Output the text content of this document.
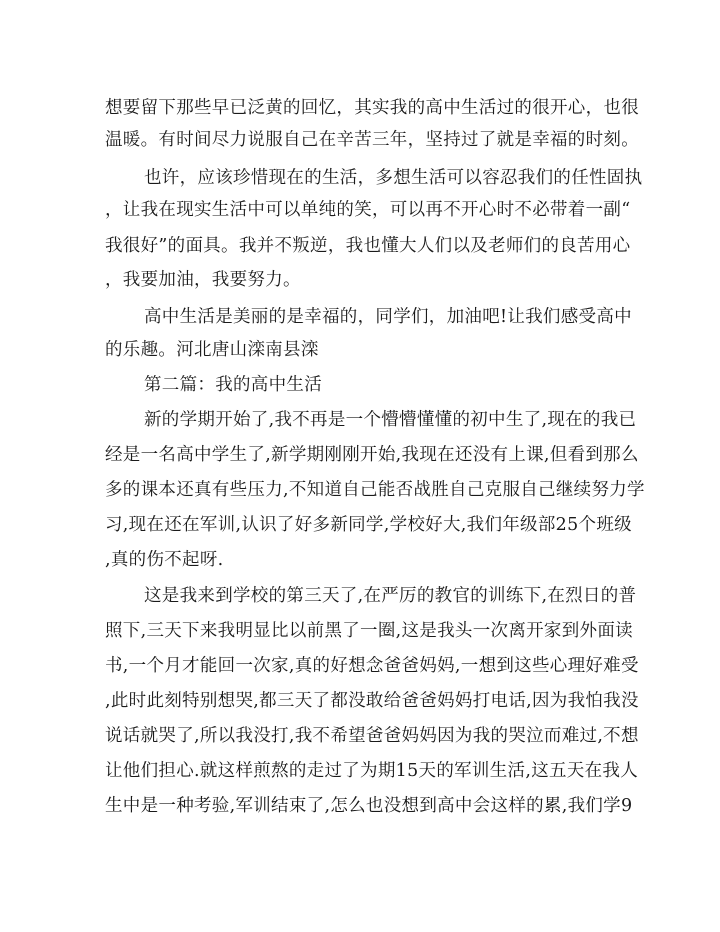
想要留下那些早已泛黄的回忆，其实我的高中生活过的很开心，也很
温暖。有时间尽力说服自己在辛苦三年，坚持过了就是幸福的时刻。
也许，应该珍惜现在的生活，多想生活可以容忍我们的任性固执
，让我在现实生活中可以单纯的笑，可以再不开心时不必带着一副“
我很好”的面具。我并不叛逆，我也懂大人们以及老师们的良苦用心
，我要加油，我要努力。
高中生活是美丽的是幸福的，同学们，加油吧!让我们感受高中
的乐趣。河北唐山滦南县滦
第二篇：我的高中生活
新的学期开始了,我不再是一个懵懵懂懂的初中生了,现在的我已
经是一名高中学生了,新学期刚刚开始,我现在还没有上课,但看到那么
多的课本还真有些压力,不知道自己能否战胜自己克服自己继续努力学
习,现在还在军训,认识了好多新同学,学校好大,我们年级部25个班级
,真的伤不起呀.
这是我来到学校的第三天了,在严厉的教官的训练下,在烈日的普
照下,三天下来我明显比以前黑了一圈,这是我头一次离开家到外面读
书,一个月才能回一次家,真的好想念爸爸妈妈,一想到这些心理好难受
,此时此刻特别想哭,都三天了都没敢给爸爸妈妈打电话,因为我怕我没
说话就哭了,所以我没打,我不希望爸爸妈妈因为我的哭泣而难过,不想
让他们担心.就这样煎熬的走过了为期15天的军训生活,这五天在我人
生中是一种考验,军训结束了,怎么也没想到高中会这样的累,我们学9
